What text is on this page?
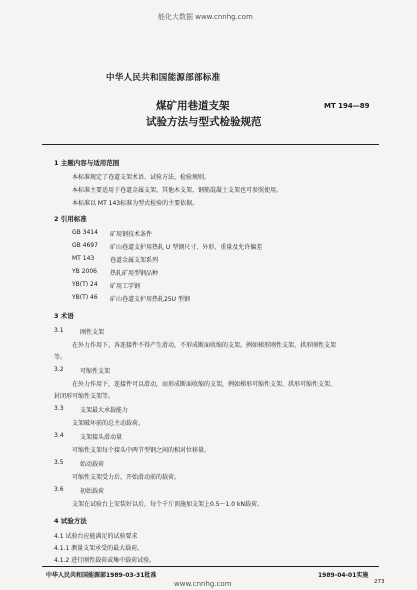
能化大数据 www.cnnhg.com
中华人民共和国能源部部标准
煤矿用巷道支架
试验方法与型式检验规范
MT 194—89
1 主题内容与适用范围
本标准规定了巷道支架术语、试验方法、检验规则。
本标准主要适用于巷道金属支架。其他木支架、钢筋混凝土支架也可参照使用。
本标准以 MT 143标准为型式检验的主要依据。
2 引用标准
GB 3414 矿用钢技术条件
GB 4697 矿山巷道支护用热轧 U 型钢尺寸、外形、重量及允许偏差
MT 143	巷道金属支架系列
YB 2006 热轧矿用型钢品种
YB(T) 24 矿用工字钢
YB(T) 46 矿山巷道支护用热轧25U 型钢
3 术语
3.1	刚性支架
在外力作用下，各连接件不得产生滑动，不形成断面收缩的支架。例如梯形刚性支架、拱形刚性支架
等。
3.2	可缩性支架
在外力作用下，连接件可以滑动，而形成断面收缩的支架，例如梯形可缩性支架、拱形可缩性支架、
封闭形可缩性支架等。
3.3	支架最大承载能力
支架破坏前的总主动载荷。
3.4	支架接头滑动量
可缩性支架每个接头中两节型钢之间的相对位移量。
3.5	始动载荷
可缩性支架受力后，开始滑动前的载荷。
3.6	初始载荷
支架在试验台上安装好以后，每个千斤顶施加支架上0.5～1.0 kN载荷。
4 试验方法
4.1 试验台应能满足的试验要求
4.1.1 测量支架承受的最大载荷。
4.1.2 进行刚性载荷或集中载荷试验。
中华人民共和国能源部1989-03-31批准	1989-04-01实施
273
www.cnnhg.com
